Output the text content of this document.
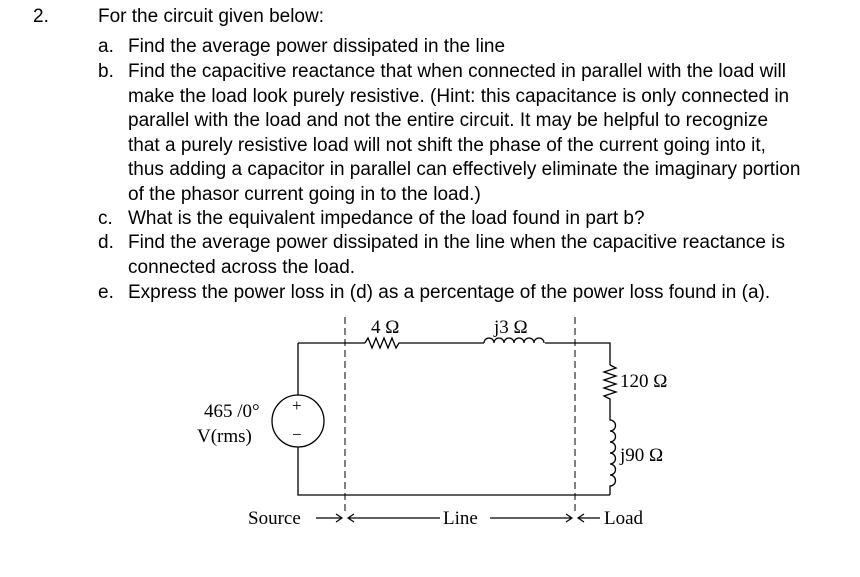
2.	For the circuit given below:
a. Find the average power dissipated in the line
b. Find the capacitive reactance that when connected in parallel with the load will
make the load look purely resistive. (Hint: this capacitance is only connected in
parallel with the load and not the entire circuit. It may be helpful to recognize
that a purely resistive load will not shift the phase of the current going into it,
thus adding a capacitor in parallel can effectively eliminate the imaginary portion
of the phasor current going in to the load.)
c. What is the equivalent impedance of the load found in part b?
d. Find the average power dissipated in the line when the capacitive reactance is
connected across the load.
e. Express the power loss in (d) as a percentage of the power loss found in (a).
4 Ω	j3 Ω
465 /0°
V(rms)
+
−
120 Ω
j90 Ω
Source	Line	Load
